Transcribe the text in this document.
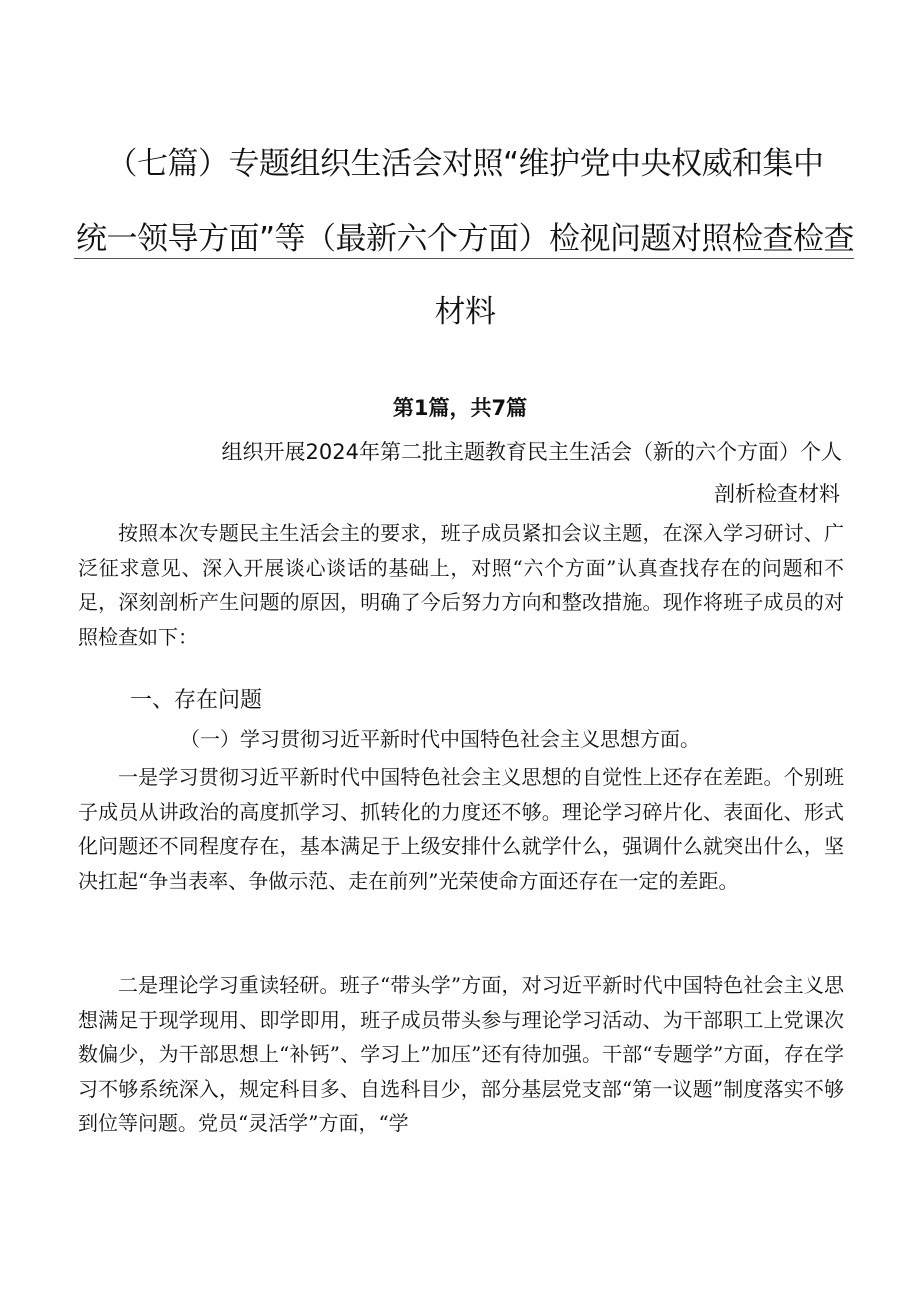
（七篇）专题组织生活会对照“维护党中央权威和集中
统一领导方面”等（最新六个方面）检视问题对照检查检查
材料
第1篇，共7篇
组织开展2024年第二批主题教育民主生活会（新的六个方面）个人
剖析检查材料

按照本次专题民主生活会主的要求，班子成员紧扣会议主题，在深入学习研讨、广泛征求意见、深入开展谈心谈话的基础上，对照“六个方面”认真查找存在的问题和不足，深刻剖析产生问题的原因，明确了今后努力方向和整改措施。现作将班子成员的对照检查如下：

一、存在问题
（一）学习贯彻习近平新时代中国特色社会主义思想方面。

一是学习贯彻习近平新时代中国特色社会主义思想的自觉性上还存在差距。个别班子成员从讲政治的高度抓学习、抓转化的力度还不够。理论学习碎片化、表面化、形式化问题还不同程度存在，基本满足于上级安排什么就学什么，强调什么就突出什么，坚决扛起“争当表率、争做示范、走在前列”光荣使命方面还存在一定的差距。

二是理论学习重读轻研。班子“带头学”方面，对习近平新时代中国特色社会主义思想满足于现学现用、即学即用，班子成员带头参与理论学习活动、为干部职工上党课次数偏少，为干部思想上“补钙”、学习上”加压”还有待加强。干部“专题学”方面，存在学习不够系统深入，规定科目多、自选科目少，部分基层党支部“第一议题”制度落实不够到位等问题。党员“灵活学”方面，“学
